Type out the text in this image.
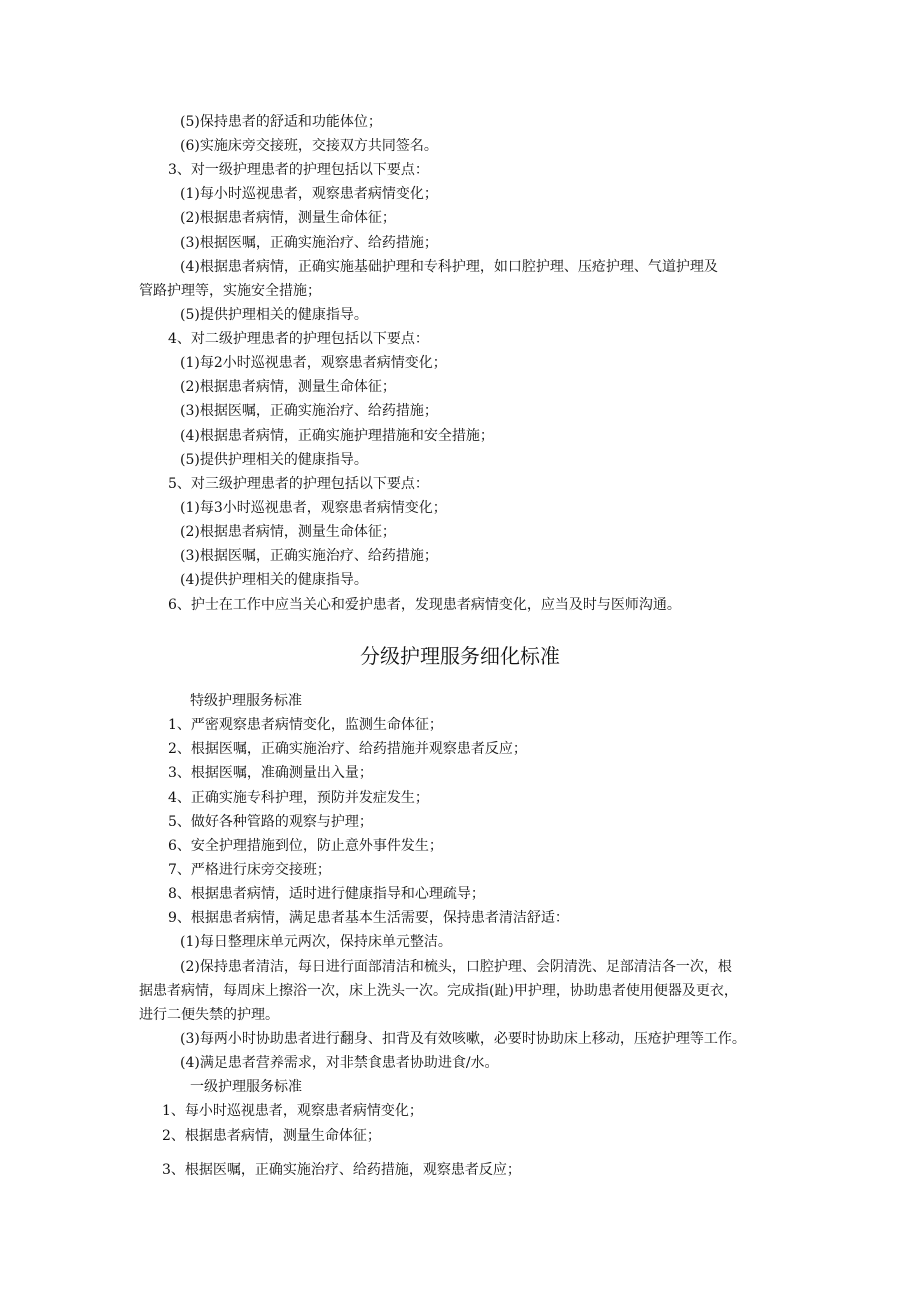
(5)保持患者的舒适和功能体位；
(6)实施床旁交接班，交接双方共同签名。
3、对一级护理患者的护理包括以下要点：
(1)每小时巡视患者，观察患者病情变化；
(2)根据患者病情，测量生命体征；
(3)根据医嘱，正确实施治疗、给药措施；
(4)根据患者病情，正确实施基础护理和专科护理，如口腔护理、压疮护理、气道护理及
管路护理等，实施安全措施；
(5)提供护理相关的健康指导。
4、对二级护理患者的护理包括以下要点：
(1)每2小时巡视患者，观察患者病情变化；
(2)根据患者病情，测量生命体征；
(3)根据医嘱，正确实施治疗、给药措施；
(4)根据患者病情，正确实施护理措施和安全措施；
(5)提供护理相关的健康指导。
5、对三级护理患者的护理包括以下要点：
(1)每3小时巡视患者，观察患者病情变化；
(2)根据患者病情，测量生命体征；
(3)根据医嘱，正确实施治疗、给药措施；
(4)提供护理相关的健康指导。
6、护士在工作中应当关心和爱护患者，发现患者病情变化，应当及时与医师沟通。
分级护理服务细化标准
特级护理服务标准
1、严密观察患者病情变化，监测生命体征；
2、根据医嘱，正确实施治疗、给药措施并观察患者反应；
3、根据医嘱，准确测量出入量；
4、正确实施专科护理，预防并发症发生；
5、做好各种管路的观察与护理；
6、安全护理措施到位，防止意外事件发生；
7、严格进行床旁交接班；
8、根据患者病情，适时进行健康指导和心理疏导；
9、根据患者病情，满足患者基本生活需要，保持患者清洁舒适：
(1)每日整理床单元两次，保持床单元整洁。
(2)保持患者清洁，每日进行面部清洁和梳头，口腔护理、会阴清洗、足部清洁各一次，根
据患者病情，每周床上擦浴一次，床上洗头一次。完成指(趾)甲护理，协助患者使用便器及更衣，
进行二便失禁的护理。
(3)每两小时协助患者进行翻身、扣背及有效咳嗽，必要时协助床上移动，压疮护理等工作。
(4)满足患者营养需求，对非禁食患者协助进食/水。
一级护理服务标准
1、每小时巡视患者，观察患者病情变化；
2、根据患者病情，测量生命体征；
3、根据医嘱，正确实施治疗、给药措施，观察患者反应；
